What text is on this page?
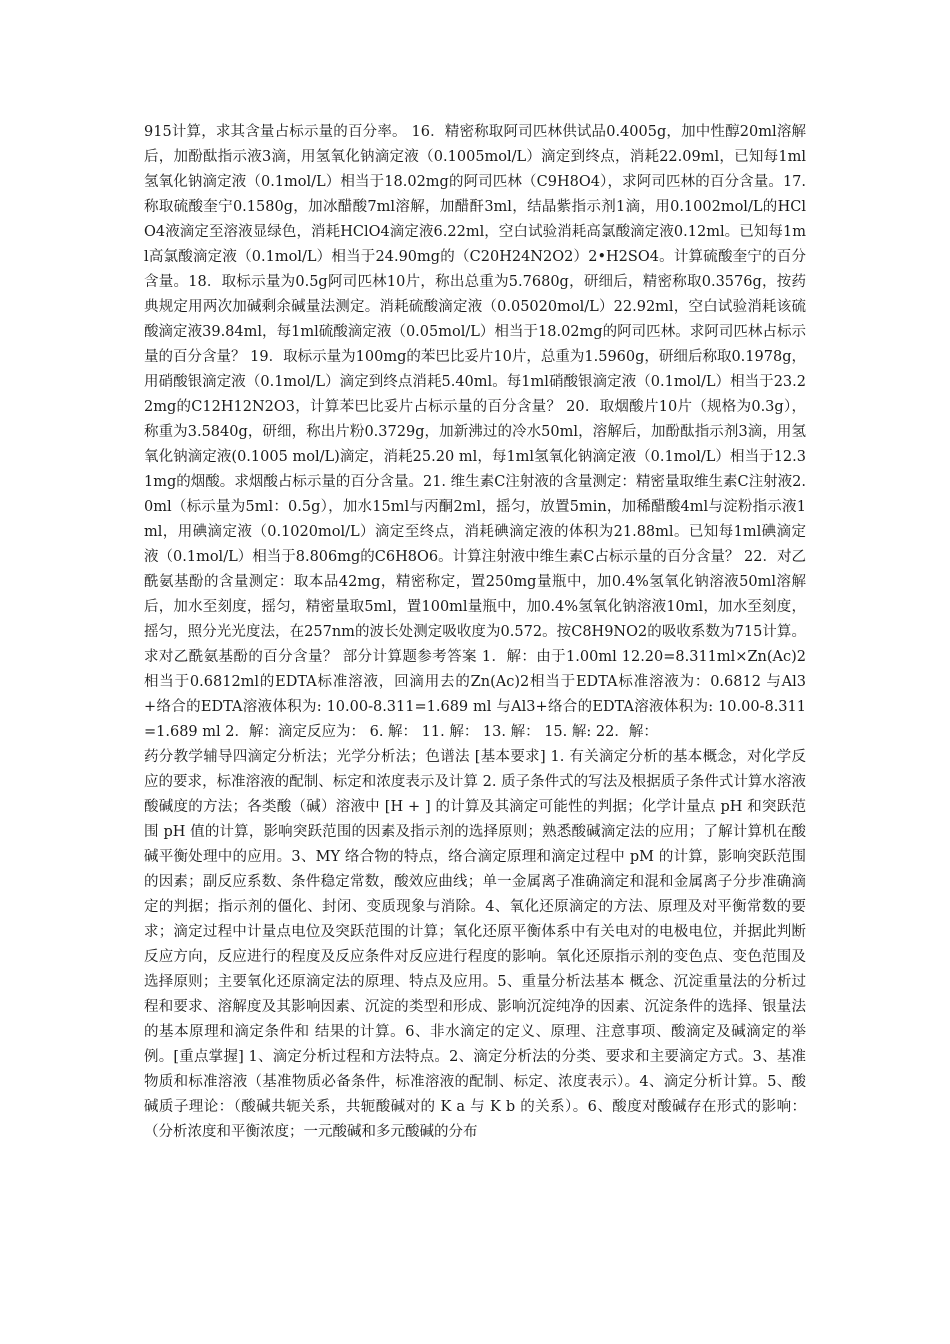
915计算，求其含量占标示量的百分率。 16．精密称取阿司匹林供试品0.4005g，加中性醇20ml溶解后，加酚酞指示液3滴，用氢氧化钠滴定液（0.1005mol/L）滴定到终点，消耗22.09ml，已知每1ml氢氧化钠滴定液（0.1mol/L）相当于18.02mg的阿司匹林（C9H8O4），求阿司匹林的百分含量。17. 称取硫酸奎宁0.1580g，加冰醋酸7ml溶解，加醋酐3ml，结晶紫指示剂1滴，用0.1002mol/L的HClO4液滴定至溶液显绿色，消耗HClO4滴定液6.22ml，空白试验消耗高氯酸滴定液0.12ml。已知每1ml高氯酸滴定液（0.1mol/L）相当于24.90mg的（C20H24N2O2）2•H2SO4。计算硫酸奎宁的百分含量。18．取标示量为0.5g阿司匹林10片，称出总重为5.7680g，研细后，精密称取0.3576g，按药典规定用两次加碱剩余碱量法测定。消耗硫酸滴定液（0.05020mol/L）22.92ml，空白试验消耗该硫酸滴定液39.84ml，每1ml硫酸滴定液（0.05mol/L）相当于18.02mg的阿司匹林。求阿司匹林占标示量的百分含量？ 19．取标示量为100mg的苯巴比妥片10片，总重为1.5960g，研细后称取0.1978g，用硝酸银滴定液（0.1mol/L）滴定到终点消耗5.40ml。每1ml硝酸银滴定液（0.1mol/L）相当于23.22mg的C12H12N2O3，计算苯巴比妥片占标示量的百分含量？ 20．取烟酸片10片（规格为0.3g），称重为3.5840g，研细，称出片粉0.3729g，加新沸过的冷水50ml，溶解后，加酚酞指示剂3滴，用氢氧化钠滴定液(0.1005 mol/L)滴定，消耗25.20 ml，每1ml氢氧化钠滴定液（0.1mol/L）相当于12.31mg的烟酸。求烟酸占标示量的百分含量。21. 维生素C注射液的含量测定：精密量取维生素C注射液2.0ml（标示量为5ml：0.5g），加水15ml与丙酮2ml，摇匀，放置5min，加稀醋酸4ml与淀粉指示液1ml，用碘滴定液（0.1020mol/L）滴定至终点，消耗碘滴定液的体积为21.88ml。已知每1ml碘滴定液（0.1mol/L）相当于8.806mg的C6H8O6。计算注射液中维生素C占标示量的百分含量？ 22．对乙酰氨基酚的含量测定：取本品42mg，精密称定，置250mg量瓶中，加0.4%氢氧化钠溶液50ml溶解后，加水至刻度，摇匀，精密量取5ml，置100ml量瓶中，加0.4%氢氧化钠溶液10ml，加水至刻度，摇匀，照分光光度法，在257nm的波长处测定吸收度为0.572。按C8H9NO2的吸收系数为715计算。求对乙酰氨基酚的百分含量？ 部分计算题参考答案 1．解：由于1.00ml 12.20=8.311ml×Zn(Ac)2相当于0.6812ml的EDTA标准溶液，回滴用去的Zn(Ac)2相当于EDTA标准溶液为：0.6812 与Al3+络合的EDTA溶液体积为: 10.00-8.311=1.689 ml 与Al3+络合的EDTA溶液体积为: 10.00-8.311=1.689 ml 2．解：滴定反应为： 6. 解： 11. 解： 13. 解： 15. 解: 22．解：

药分教学辅导四滴定分析法；光学分析法；色谱法 [基本要求] 1. 有关滴定分析的基本概念，对化学反应的要求，标准溶液的配制、标定和浓度表示及计算 2. 质子条件式的写法及根据质子条件式计算水溶液酸碱度的方法；各类酸（碱）溶液中 [H + ] 的计算及其滴定可能性的判据；化学计量点 pH 和突跃范围 pH 值的计算，影响突跃范围的因素及指示剂的选择原则；熟悉酸碱滴定法的应用；了解计算机在酸碱平衡处理中的应用。3、MY 络合物的特点，络合滴定原理和滴定过程中 pM 的计算，影响突跃范围的因素；副反应系数、条件稳定常数，酸效应曲线；单一金属离子准确滴定和混和金属离子分步准确滴定的判据；指示剂的僵化、封闭、变质现象与消除。4、氧化还原滴定的方法、原理及对平衡常数的要求；滴定过程中计量点电位及突跃范围的计算；氧化还原平衡体系中有关电对的电极电位，并据此判断反应方向，反应进行的程度及反应条件对反应进行程度的影响。氧化还原指示剂的变色点、变色范围及选择原则；主要氧化还原滴定法的原理、特点及应用。5、重量分析法基本 概念、沉淀重量法的分析过程和要求、溶解度及其影响因素、沉淀的类型和形成、影响沉淀纯净的因素、沉淀条件的选择、银量法的基本原理和滴定条件和 结果的计算。6、非水滴定的定义、原理、注意事项、酸滴定及碱滴定的举例。[重点掌握] 1、滴定分析过程和方法特点。2、滴定分析法的分类、要求和主要滴定方式。3、基准物质和标准溶液（基准物质必备条件，标准溶液的配制、标定、浓度表示）。4、滴定分析计算。5、酸碱质子理论：（酸碱共轭关系，共轭酸碱对的 K a 与 K b 的关系）。6、酸度对酸碱存在形式的影响：（分析浓度和平衡浓度；一元酸碱和多元酸碱的分布
